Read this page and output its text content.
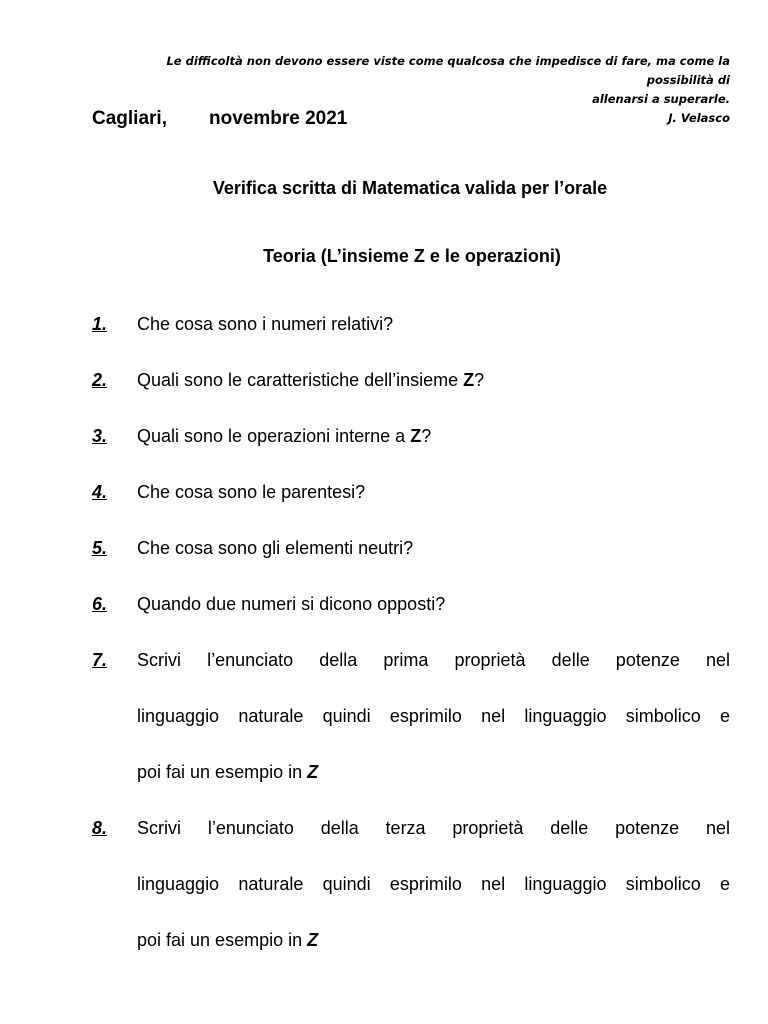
Le difficoltà non devono essere viste come qualcosa che impedisce di fare, ma come la possibilità di
allenarsi a superarle.
J. Velasco
Cagliari, novembre 2021
Verifica scritta di Matematica valida per l’orale
Teoria (L’insieme Z e le operazioni)
1. Che cosa sono i numeri relativi?
2. Quali sono le caratteristiche dell’insieme Z?
3. Quali sono le operazioni interne a Z?
4. Che cosa sono le parentesi?
5. Che cosa sono gli elementi neutri?
6. Quando due numeri si dicono opposti?
7. Scrivi l’enunciato della prima proprietà delle potenze nel
linguaggio naturale quindi esprimilo nel linguaggio simbolico e
poi fai un esempio in Z
8. Scrivi l’enunciato della terza proprietà delle potenze nel
linguaggio naturale quindi esprimilo nel linguaggio simbolico e
poi fai un esempio in Z
